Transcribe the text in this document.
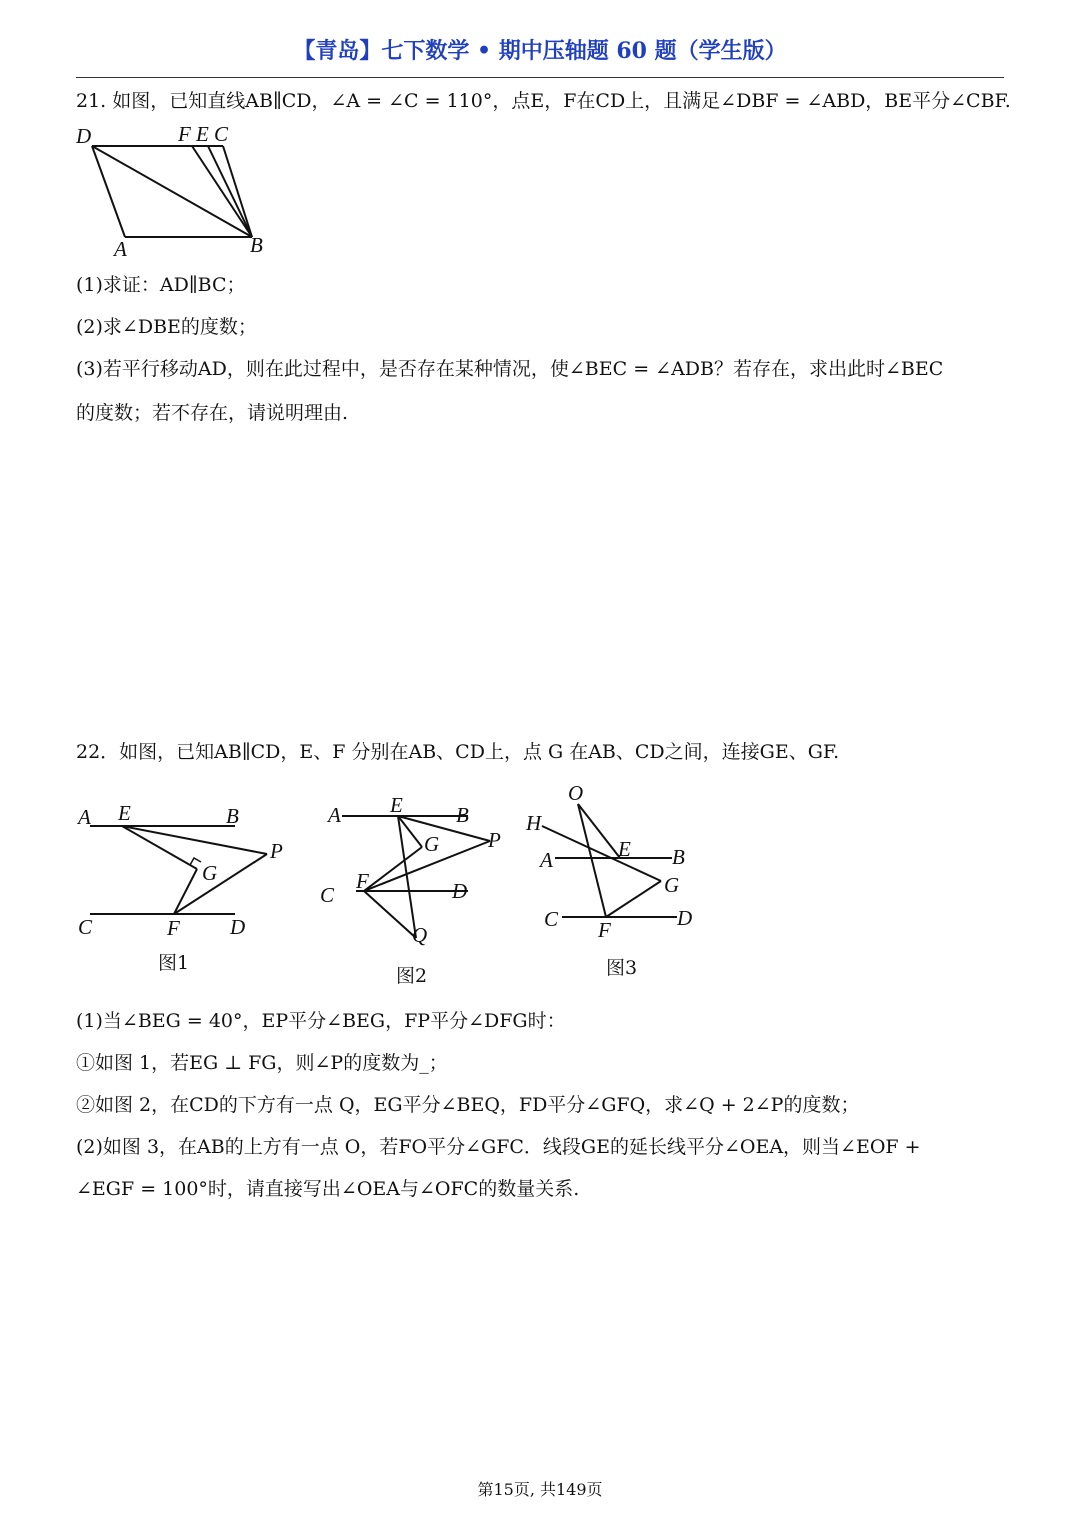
【青岛】七下数学 • 期中压轴题 60 题（学生版）
21. 如图，已知直线AB∥CD，∠A = ∠C = 110°，点E，F在CD上，且满足∠DBF = ∠ABD，BE平分∠CBF.
D	F E C
A	B
(1)求证：AD∥BC；
(2)求∠DBE的度数；
(3)若平行移动AD，则在此过程中，是否存在某种情况，使∠BEC = ∠ADB？若存在，求出此时∠BEC
的度数；若不存在，请说明理由.
22．如图，已知AB∥CD，E、F 分别在AB、CD上，点 G 在AB、CD之间，连接GE、GF.
A E	B
P
G
C	F D
图1
A E	B
G P
C
F	D
Q
图2
O
H
A	E B
G
C F	D
图3
(1)当∠BEG = 40°，EP平分∠BEG，FP平分∠DFG时：
①如图 1，若EG ⊥ FG，则∠P的度数为_；
②如图 2，在CD的下方有一点 Q，EG平分∠BEQ，FD平分∠GFQ，求∠Q + 2∠P的度数；
(2)如图 3，在AB的上方有一点 O，若FO平分∠GFC．线段GE的延长线平分∠OEA，则当∠EOF +
∠EGF = 100°时，请直接写出∠OEA与∠OFC的数量关系.
第15页, 共149页
